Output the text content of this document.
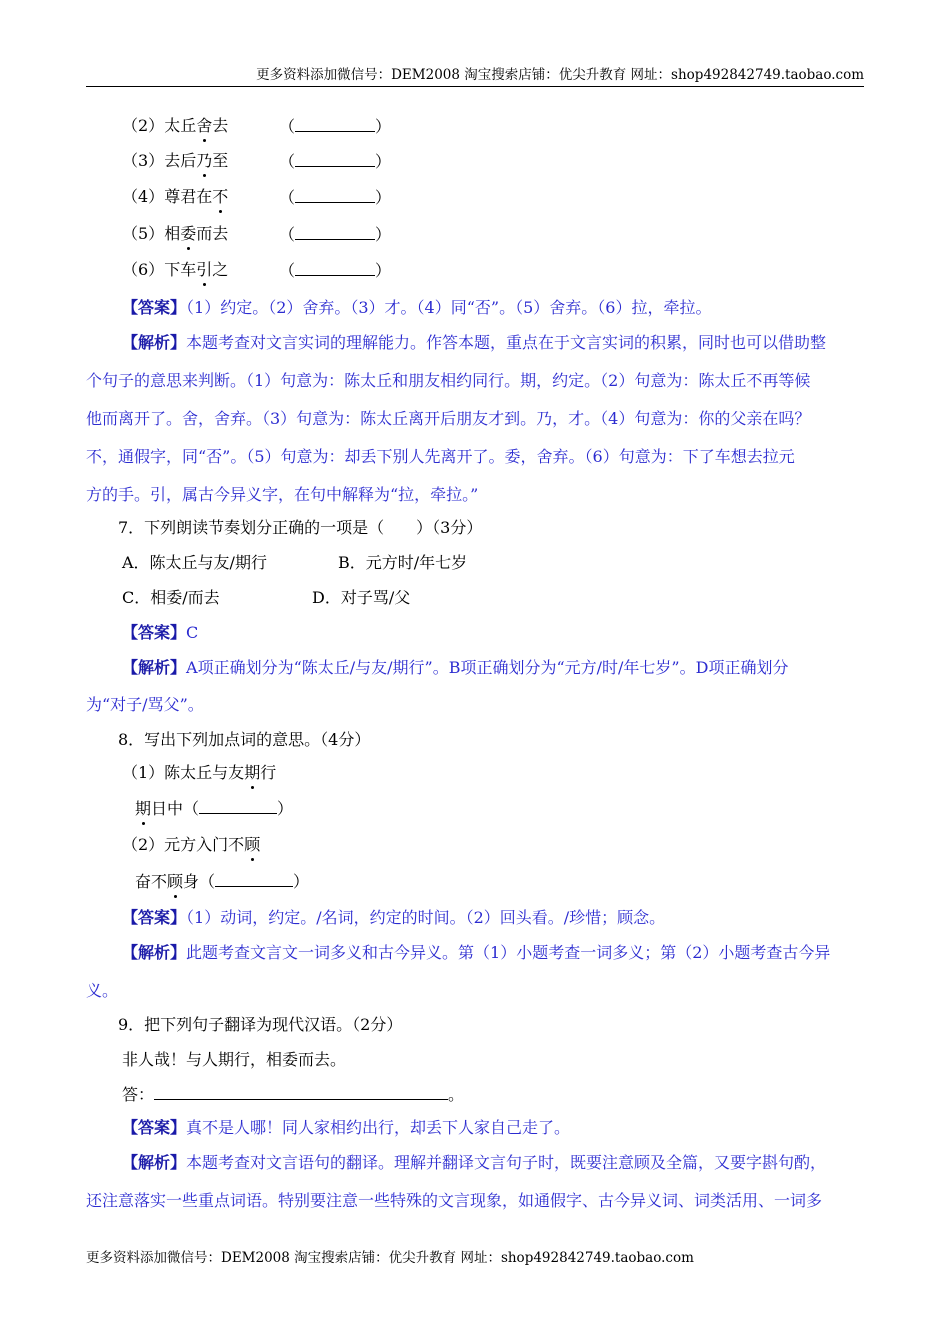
更多资料添加微信号：DEM2008 淘宝搜索店铺：优尖升教育 网址：shop492842749.taobao.com
（2）太丘舍去	（	）
（3）去后乃至	（	）
（4）尊君在不	（	）
（5）相委而去	（	）
（6）下车引之	（	）
【答案】（1）约定。（2）舍弃。（3）才。（4）同“否”。（5）舍弃。（6）拉，牵拉。
【解析】本题考查对文言实词的理解能力。作答本题，重点在于文言实词的积累，同时也可以借助整
个句子的意思来判断。（1）句意为：陈太丘和朋友相约同行。期，约定。（2）句意为：陈太丘不再等候
他而离开了。舍，舍弃。（3）句意为：陈太丘离开后朋友才到。乃，才。（4）句意为：你的父亲在吗？
不，通假字，同“否”。（5）句意为：却丢下别人先离开了。委，舍弃。（6）句意为：下了车想去拉元
方的手。引，属古今异义字，在句中解释为“拉，牵拉。”
7．下列朗读节奏划分正确的一项是（　　）（3分）
A．陈太丘与友/期行	B．元方时/年七岁
C．相委/而去	D．对子骂/父
【答案】C
【解析】A项正确划分为“陈太丘/与友/期行”。B项正确划分为“元方/时/年七岁”。D项正确划分
为“对子/骂父”。
8．写出下列加点词的意思。（4分）
（1）陈太丘与友期行
期日中（	）
（2）元方入门不顾
奋不顾身（	）
【答案】（1）动词，约定。/名词，约定的时间。（2）回头看。/珍惜；顾念。
【解析】此题考查文言文一词多义和古今异义。第（1）小题考查一词多义；第（2）小题考查古今异
义。
9．把下列句子翻译为现代汉语。（2分）
非人哉！与人期行，相委而去。
答：	。
【答案】真不是人哪！同人家相约出行，却丢下人家自己走了。
【解析】本题考查对文言语句的翻译。理解并翻译文言句子时，既要注意顾及全篇，又要字斟句酌，
还注意落实一些重点词语。特别要注意一些特殊的文言现象，如通假字、古今异义词、词类活用、一词多
更多资料添加微信号：DEM2008 淘宝搜索店铺：优尖升教育 网址：shop492842749.taobao.com
